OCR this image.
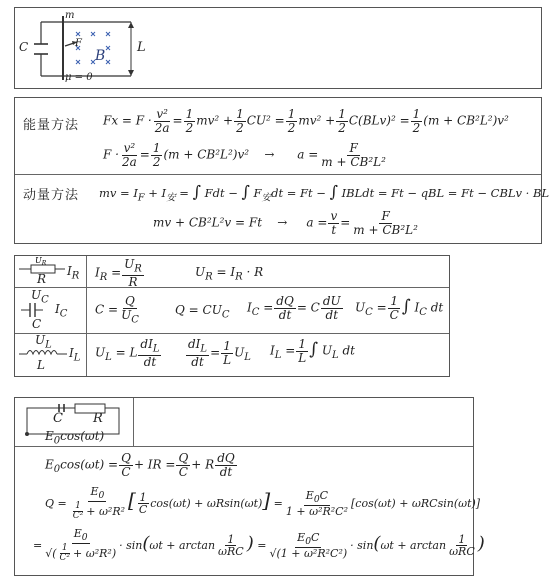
C
m
F
B
L
μ = 0
能量方法 $Fx = F \cdot \frac{\text{v²}}{2a} = \frac{1}{2} mv^2 + \frac{1}{2} CU^2 = \frac{1}{2} mv^2 + \frac{1}{2} C(BLv)^2 = \frac{1}{2} (m + CB^2L^2)v^2$
$F \cdot \frac{\text{v²}}{2a} = \frac{1}{2} (m + CB^2L^2)v^2$    →      $a = \frac{F}{\text{m + CB²L²}}$
动量方法 mv = $I_F + I_安$ = ∫ Fdt − ∫ $F_安dt = Ft$ − ∫ IBLdt = Ft − qBL = Ft − CBLv · BL
mv + CB²L²v = Ft    →     $a = \frac{v}{t} = \frac{F}{\text{m + CB²L²}}$
$U_R$
R
$I_R$ $I_R = \frac{U_R}{R}$	$U_R = I_R \cdot R$
$U_C$
C
$I_C$ $C = \frac{Q}{U_C}$	$Q = CU_C$
$I_C = \frac{dQ}{dt} = C \frac{dU}{dt} U_C = \frac{1}{C}$ ∫ $I_C$ dt
$U_L$
L
$I_L$ $U_L = L \frac{dI_L}{dt} \frac{dI_L}{dt} = \frac{1}{L} U_L$
$I_L = \frac{1}{L}$ ∫ $U_L$ dt
C R
$E_0\cos(\omega t)$
$E_0\cos(\omega t) = \frac{Q}{C}$ + IR = $\frac{Q}{C} + R \frac{dQ}{dt}$
$Q = \frac{E_0}{\frac{1}{\text{C²}} + \omega^2R^2}$ [ $\frac{1}{C} \cos(\omega t) + \omega Rsin(\omega t)] = \frac{E_0C}{\text{1 + ω²R²C²}} [\cos(\omega t) + \omega RCsin(\omega t)]$
= $\frac{E_0}{√( \frac{1}{\text{C²}} + \omega^2R^2)} \cdot \sin(\omega t + \arctan \frac{1}{\text{ωRC}}$ ) = $\frac{E_0C}{\text{√(1 + ω²R²C²)}} \cdot \sin(\omega t + \arctan \frac{1}{\text{ωRC}}$ )
